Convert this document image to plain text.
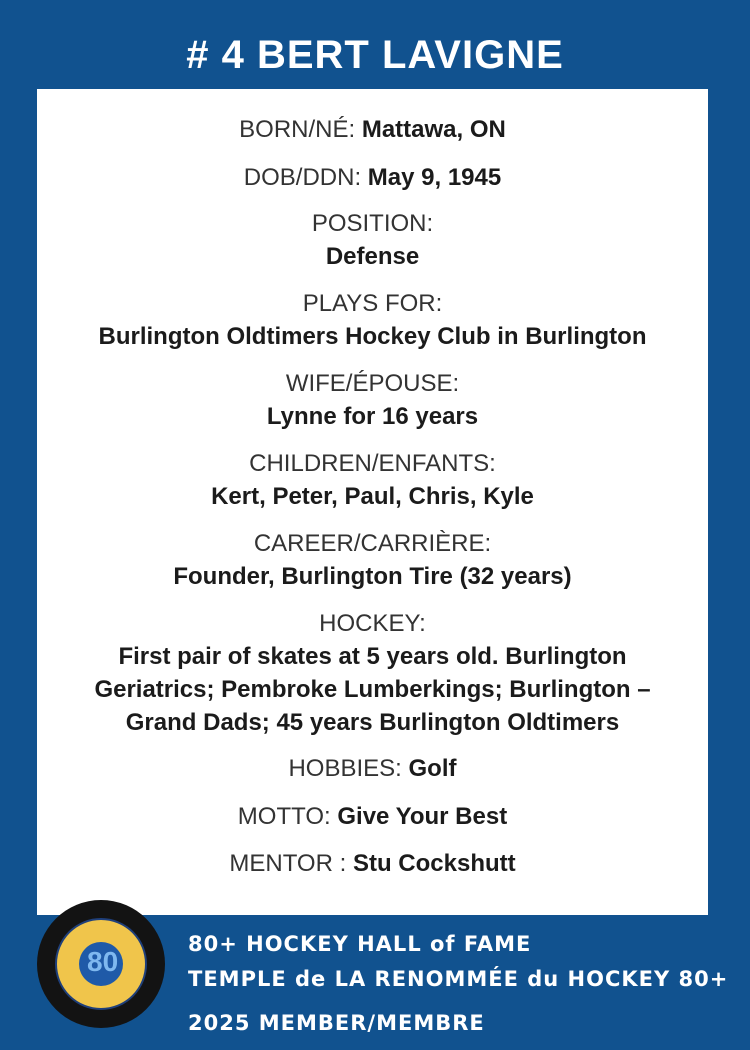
# 4 BERT LAVIGNE
BORN/NÉ: Mattawa, ON
DOB/DDN: May 9, 1945
POSITION:
Defense
PLAYS FOR:
Burlington Oldtimers Hockey Club in Burlington
WIFE/ÉPOUSE:
Lynne for 16 years
CHILDREN/ENFANTS:
Kert, Peter, Paul, Chris, Kyle
CAREER/CARRIÈRE:
Founder, Burlington Tire (32 years)
HOCKEY:
First pair of skates at 5 years old. Burlington
Geriatrics; Pembroke Lumberkings; Burlington –
Grand Dads; 45 years Burlington Oldtimers
HOBBIES: Golf
MOTTO: Give Your Best
MENTOR : Stu Cockshutt
80
80+ HOCKEY HALL of FAME
TEMPLE de LA RENOMMÉE du HOCKEY 80+
2025 MEMBER/MEMBRE
